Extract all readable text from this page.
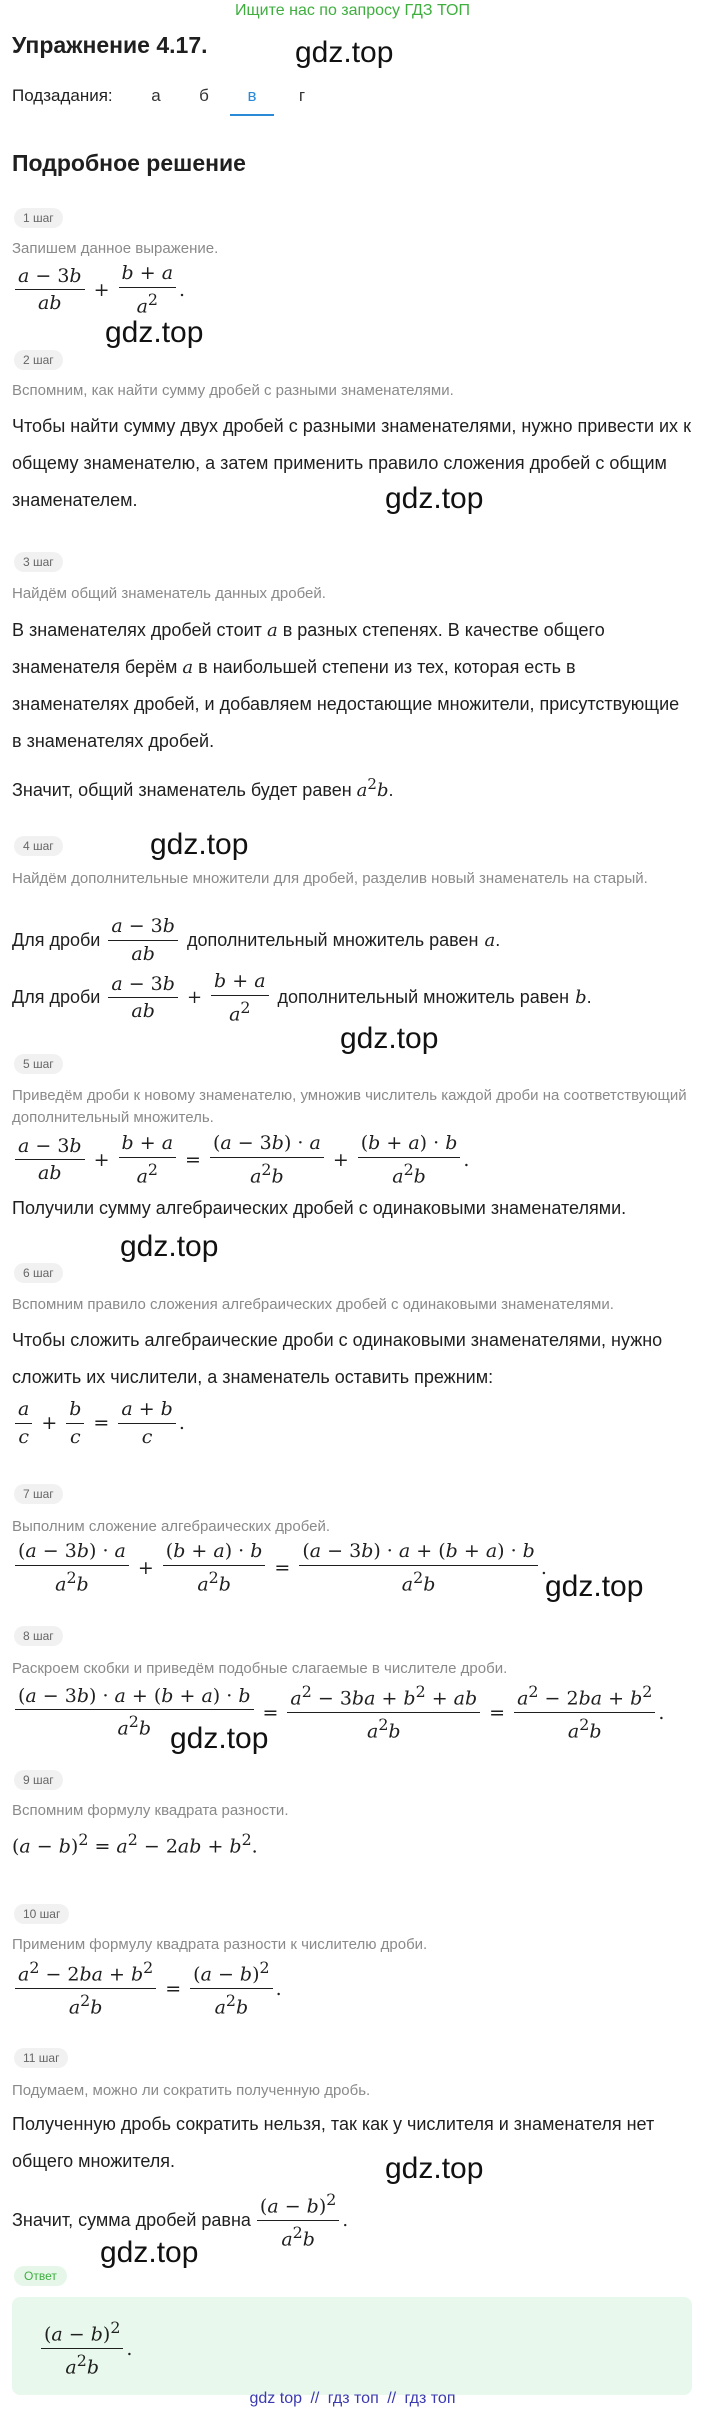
Ищите нас по запросу ГДЗ ТОП
Упражнение 4.17.	gdz.top
Подзадания:	а	б	в	г
Подробное решение
1 шаг
Запишем данное выражение.
$\frac{a - 3b}{ab} + \frac{b + a}{a^2}$ .
gdz.top
2 шаг
Вспомним, как найти сумму дробей с разными знаменателями.
Чтобы найти сумму двух дробей с разными знаменателями, нужно привести их к общему знаменателю, а затем применить правило сложения дробей с общим знаменателем.	gdz.top
3 шаг
Найдём общий знаменатель данных дробей.
В знаменателях дробей стоит a в разных степенях. В качестве общего знаменателя берём a в наибольшей степени из тех, которая есть в знаменателях дробей, и добавляем недостающие множители, присутствующие в знаменателях дробей.
Значит, общий знаменатель будет равен $a^2b$.
4 шаг	gdz.top
Найдём дополнительные множители для дробей, разделив новый знаменатель на старый.
Для дроби $\frac{a - 3b}{ab}$ дополнительный множитель равен a .
Для дроби $\frac{a - 3b}{ab} + \frac{b + a}{a^2}$ дополнительный множитель равен b .
gdz.top
5 шаг
Приведём дроби к новому знаменателю, умножив числитель каждой дроби на соответствующий дополнительный множитель.
$\frac{a - 3b}{ab} + \frac{b + a}{a^2} = \frac{(a - 3b) \cdot a}{a^2b} + \frac{(b + a) \cdot b}{a^2b}$ .
Получили сумму алгебраических дробей с одинаковыми знаменателями.
gdz.top
6 шаг
Вспомним правило сложения алгебраических дробей с одинаковыми знаменателями.
Чтобы сложить алгебраические дроби с одинаковыми знаменателями, нужно сложить их числители, а знаменатель оставить прежним:
$\frac{a}{c} + \frac{b}{c} = \frac{a + b}{c}$ .
7 шаг
Выполним сложение алгебраических дробей.
$\frac{(a - 3b) \cdot a}{a^2b} + \frac{(b + a) \cdot b}{a^2b} = \frac{(a - 3b) \cdot a + (b + a) \cdot b}{a^2b}$ .
gdz.top
8 шаг
Раскроем скобки и приведём подобные слагаемые в числителе дроби.
$\frac{(a - 3b) \cdot a + (b + a) \cdot b}{a^2b} = \frac{a^2 - 3ba + b^2 + ab}{a^2b} = \frac{a^2 - 2ba + b^2}{a^2b}$ .
gdz.top
9 шаг
Вспомним формулу квадрата разности.
$(a - b)^2 = a^2 - 2ab + b^2$.
10 шаг
Применим формулу квадрата разности к числителю дроби.
$\frac{a^2 - 2ba + b^2}{a^2b} = \frac{(a - b)^2}{a^2b}$ .
11 шаг
Подумаем, можно ли сократить полученную дробь.
Полученную дробь сократить нельзя, так как у числителя и знаменателя нет общего множителя.	gdz.top
Значит, сумма дробей равна $\frac{(a - b)^2}{a^2b}$ .
gdz.top
Ответ
$\frac{(a - b)^2}{a^2b}$ .
gdz top // гдз топ // гдз топ
